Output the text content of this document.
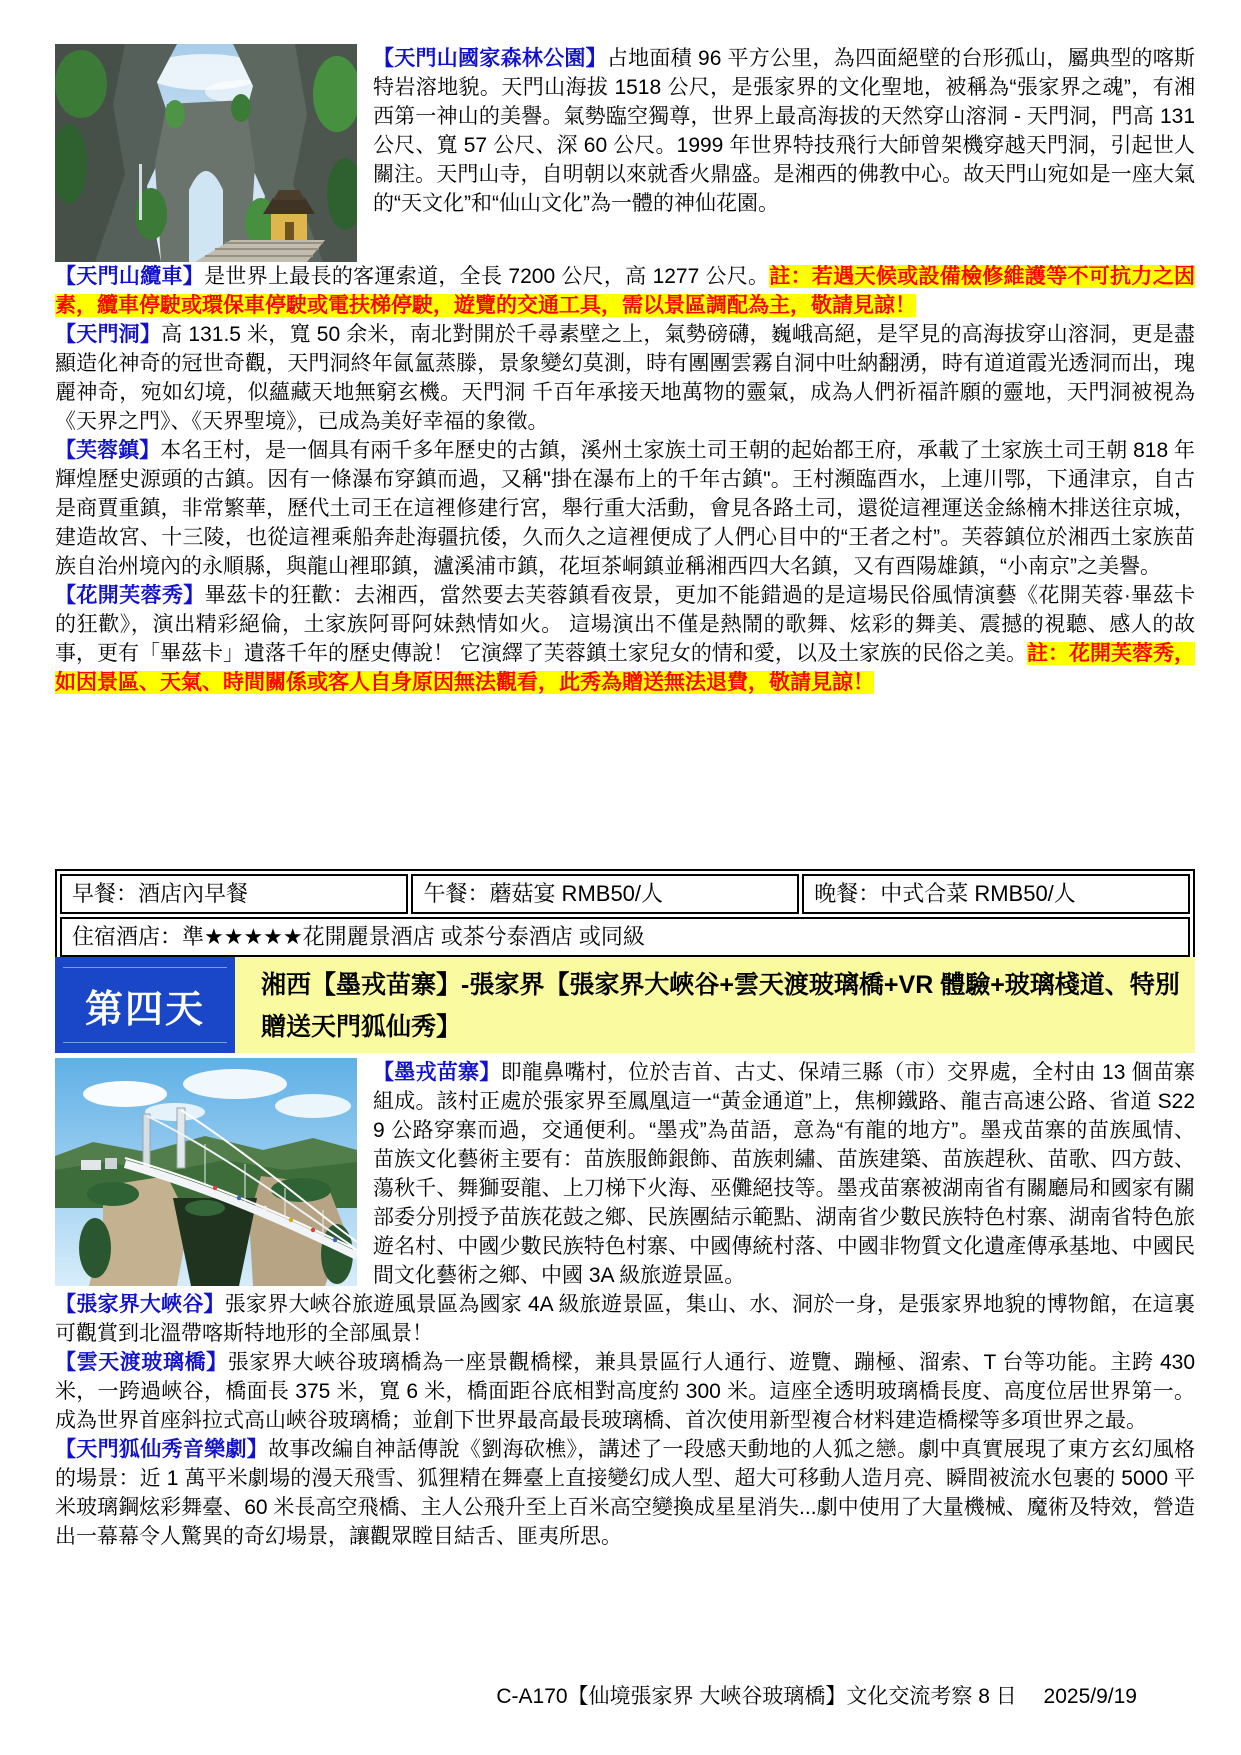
【天門山國家森林公園】占地面積 96 平方公里，為四面絕壁的台形孤山，屬典型的喀斯特岩溶地貌。天門山海拔 1518 公尺，是張家界的文化聖地，被稱為“張家界之魂”，有湘西第一神山的美譽。氣勢臨空獨尊，世界上最高海拔的天然穿山溶洞 - 天門洞，門高 131 公尺、寬 57 公尺、深 60 公尺。1999 年世界特技飛行大師曾架機穿越天門洞，引起世人關注。天門山寺，自明朝以來就香火鼎盛。是湘西的佛教中心。故天門山宛如是一座大氣的“天文化”和“仙山文化”為一體的神仙花園。

【天門山纜車】是世界上最長的客運索道，全長 7200 公尺，高 1277 公尺。註：若遇天候或設備檢修維護等不可抗力之因素，纜車停駛或環保車停駛或電扶梯停駛，遊覽的交通工具，需以景區調配為主，敬請見諒！

【天門洞】高 131.5 米，寬 50 余米，南北對開於千尋素壁之上，氣勢磅礴，巍峨高絕，是罕見的高海拔穿山溶洞，更是盡顯造化神奇的冠世奇觀，天門洞終年氤氳蒸滕，景象變幻莫測，時有團團雲霧自洞中吐納翻湧，時有道道霞光透洞而出，瑰麗神奇，宛如幻境，似蘊藏天地無窮玄機。天門洞 千百年承接天地萬物的靈氣，成為人們祈福許願的靈地，天門洞被視為《天界之門》、《天界聖境》，已成為美好幸福的象徵。

【芙蓉鎮】本名王村，是一個具有兩千多年歷史的古鎮，溪州土家族土司王朝的起始都王府，承載了土家族土司王朝 818 年輝煌歷史源頭的古鎮。因有一條瀑布穿鎮而過，又稱"掛在瀑布上的千年古鎮"。王村瀕臨酉水，上連川鄂，下通津京，自古是商賈重鎮，非常繁華，歷代土司王在這裡修建行宮，舉行重大活動，會見各路土司，還從這裡運送金絲楠木排送往京城，建造故宮、十三陵，也從這裡乘船奔赴海疆抗倭，久而久之這裡便成了人們心目中的“王者之村”。芙蓉鎮位於湘西土家族苗族自治州境內的永順縣，與龍山裡耶鎮，瀘溪浦市鎮，花垣茶峒鎮並稱湘西四大名鎮，又有酉陽雄鎮，“小南京”之美譽。

【花開芙蓉秀】畢茲卡的狂歡：去湘西，當然要去芙蓉鎮看夜景，更加不能錯過的是這場民俗風情演藝《花開芙蓉·畢茲卡的狂歡》，演出精彩絕倫，土家族阿哥阿妹熱情如火。 這場演出不僅是熱鬧的歌舞、炫彩的舞美、震撼的視聽、感人的故事，更有「畢茲卡」遺落千年的歷史傳說！ 它演繹了芙蓉鎮土家兒女的情和愛，以及土家族的民俗之美。註：花開芙蓉秀，如因景區、天氣、時間關係或客人自身原因無法觀看，此秀為贈送無法退費，敬請見諒！

早餐：酒店內早餐	午餐：蘑菇宴 RMB50/人	晚餐：中式合菜 RMB50/人
住宿酒店：準★★★★★花開麗景酒店 或茶兮泰酒店 或同級
第四天
湘西【墨戎苗寨】-張家界【張家界大峽谷+雲天渡玻璃橋+VR 體驗+玻璃棧道、特別贈送天門狐仙秀】

【墨戎苗寨】即龍鼻嘴村，位於吉首、古丈、保靖三縣（市）交界處，全村由 13 個苗寨組成。該村正處於張家界至鳳凰這一“黃金通道”上，焦柳鐵路、龍吉高速公路、省道 S229 公路穿寨而過，交通便利。“墨戎”為苗語，意為“有龍的地方”。墨戎苗寨的苗族風情、苗族文化藝術主要有：苗族服飾銀飾、苗族刺繡、苗族建築、苗族趕秋、苗歌、四方鼓、蕩秋千、舞獅耍龍、上刀梯下火海、巫儺絕技等。墨戎苗寨被湖南省有關廳局和國家有關部委分別授予苗族花鼓之鄉、民族團結示範點、湖南省少數民族特色村寨、湖南省特色旅遊名村、中國少數民族特色村寨、中國傳統村落、中國非物質文化遺產傳承基地、中國民間文化藝術之鄉、中國 3A 級旅遊景區。

【張家界大峽谷】張家界大峽谷旅遊風景區為國家 4A 級旅遊景區，集山、水、洞於一身，是張家界地貌的博物館，在這裏可觀賞到北溫帶喀斯特地形的全部風景！

【雲天渡玻璃橋】張家界大峽谷玻璃橋為一座景觀橋樑，兼具景區行人通行、遊覽、蹦極、溜索、T 台等功能。主跨 430 米，一跨過峽谷，橋面長 375 米，寬 6 米，橋面距谷底相對高度約 300 米。這座全透明玻璃橋長度、高度位居世界第一。成為世界首座斜拉式高山峽谷玻璃橋；並創下世界最高最長玻璃橋、首次使用新型複合材料建造橋樑等多項世界之最。

【天門狐仙秀音樂劇】故事改編自神話傳說《劉海砍樵》，講述了一段感天動地的人狐之戀。劇中真實展現了東方玄幻風格的場景：近 1 萬平米劇場的漫天飛雪、狐狸精在舞臺上直接變幻成人型、超大可移動人造月亮、瞬間被流水包裹的 5000 平米玻璃鋼炫彩舞臺、60 米長高空飛橋、主人公飛升至上百米高空變換成星星消失...劇中使用了大量機械、魔術及特效，營造出一幕幕令人驚異的奇幻場景，讓觀眾瞠目結舌、匪夷所思。

C-A170【仙境張家界 大峽谷玻璃橋】文化交流考察 8 日　 2025/9/19
